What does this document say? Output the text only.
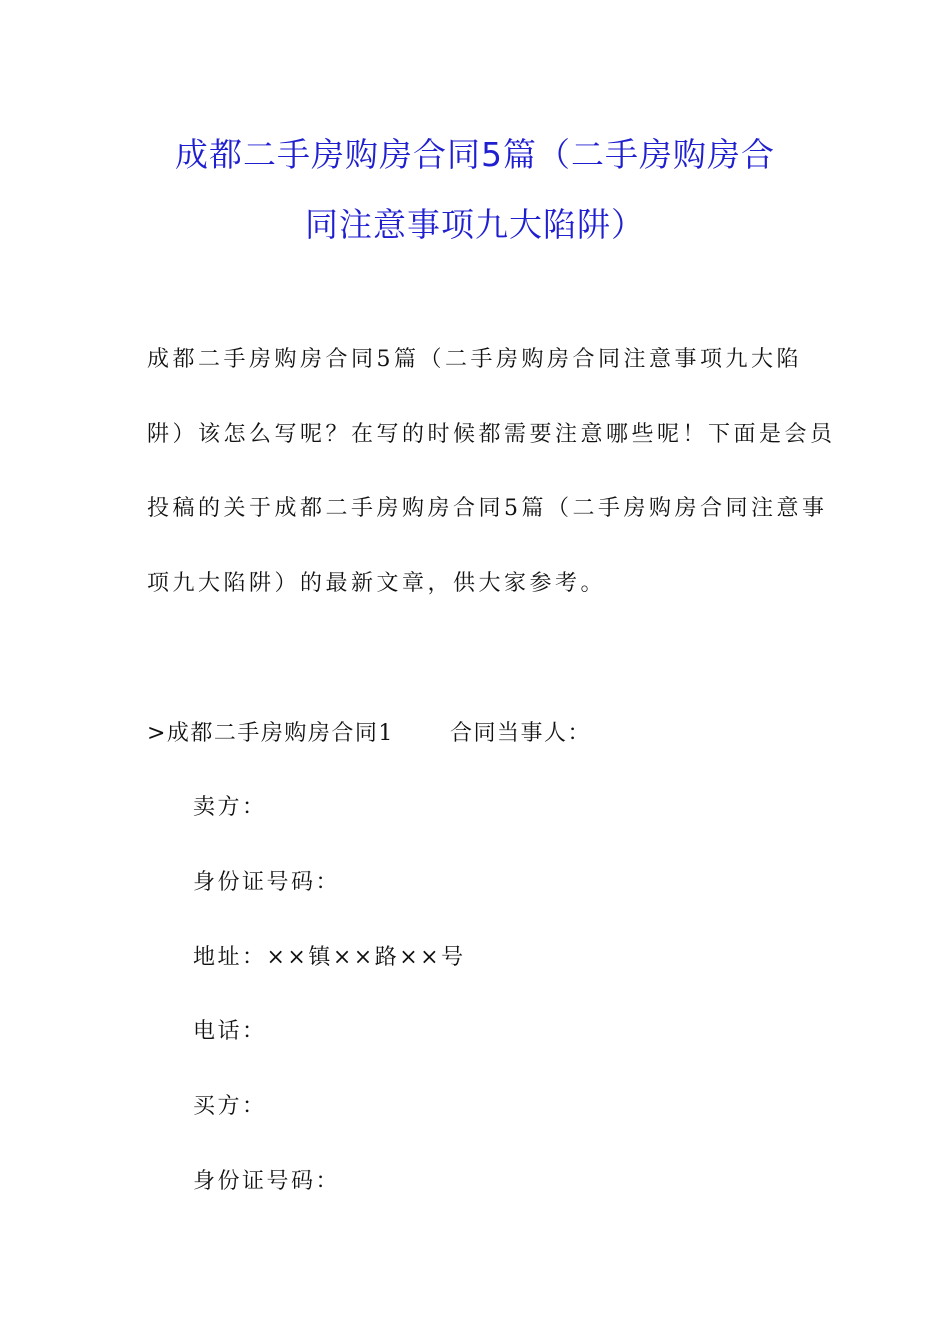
成都二手房购房合同5篇（二手房购房合
同注意事项九大陷阱）
成都二手房购房合同5篇（二手房购房合同注意事项九大陷
阱）该怎么写呢？在写的时候都需要注意哪些呢！下面是会员
投稿的关于成都二手房购房合同5篇（二手房购房合同注意事
项九大陷阱）的最新文章，供大家参考。
>成都二手房购房合同1	合同当事人：
卖方：
身份证号码：
地址：××镇××路××号
电话：
买方：
身份证号码：
